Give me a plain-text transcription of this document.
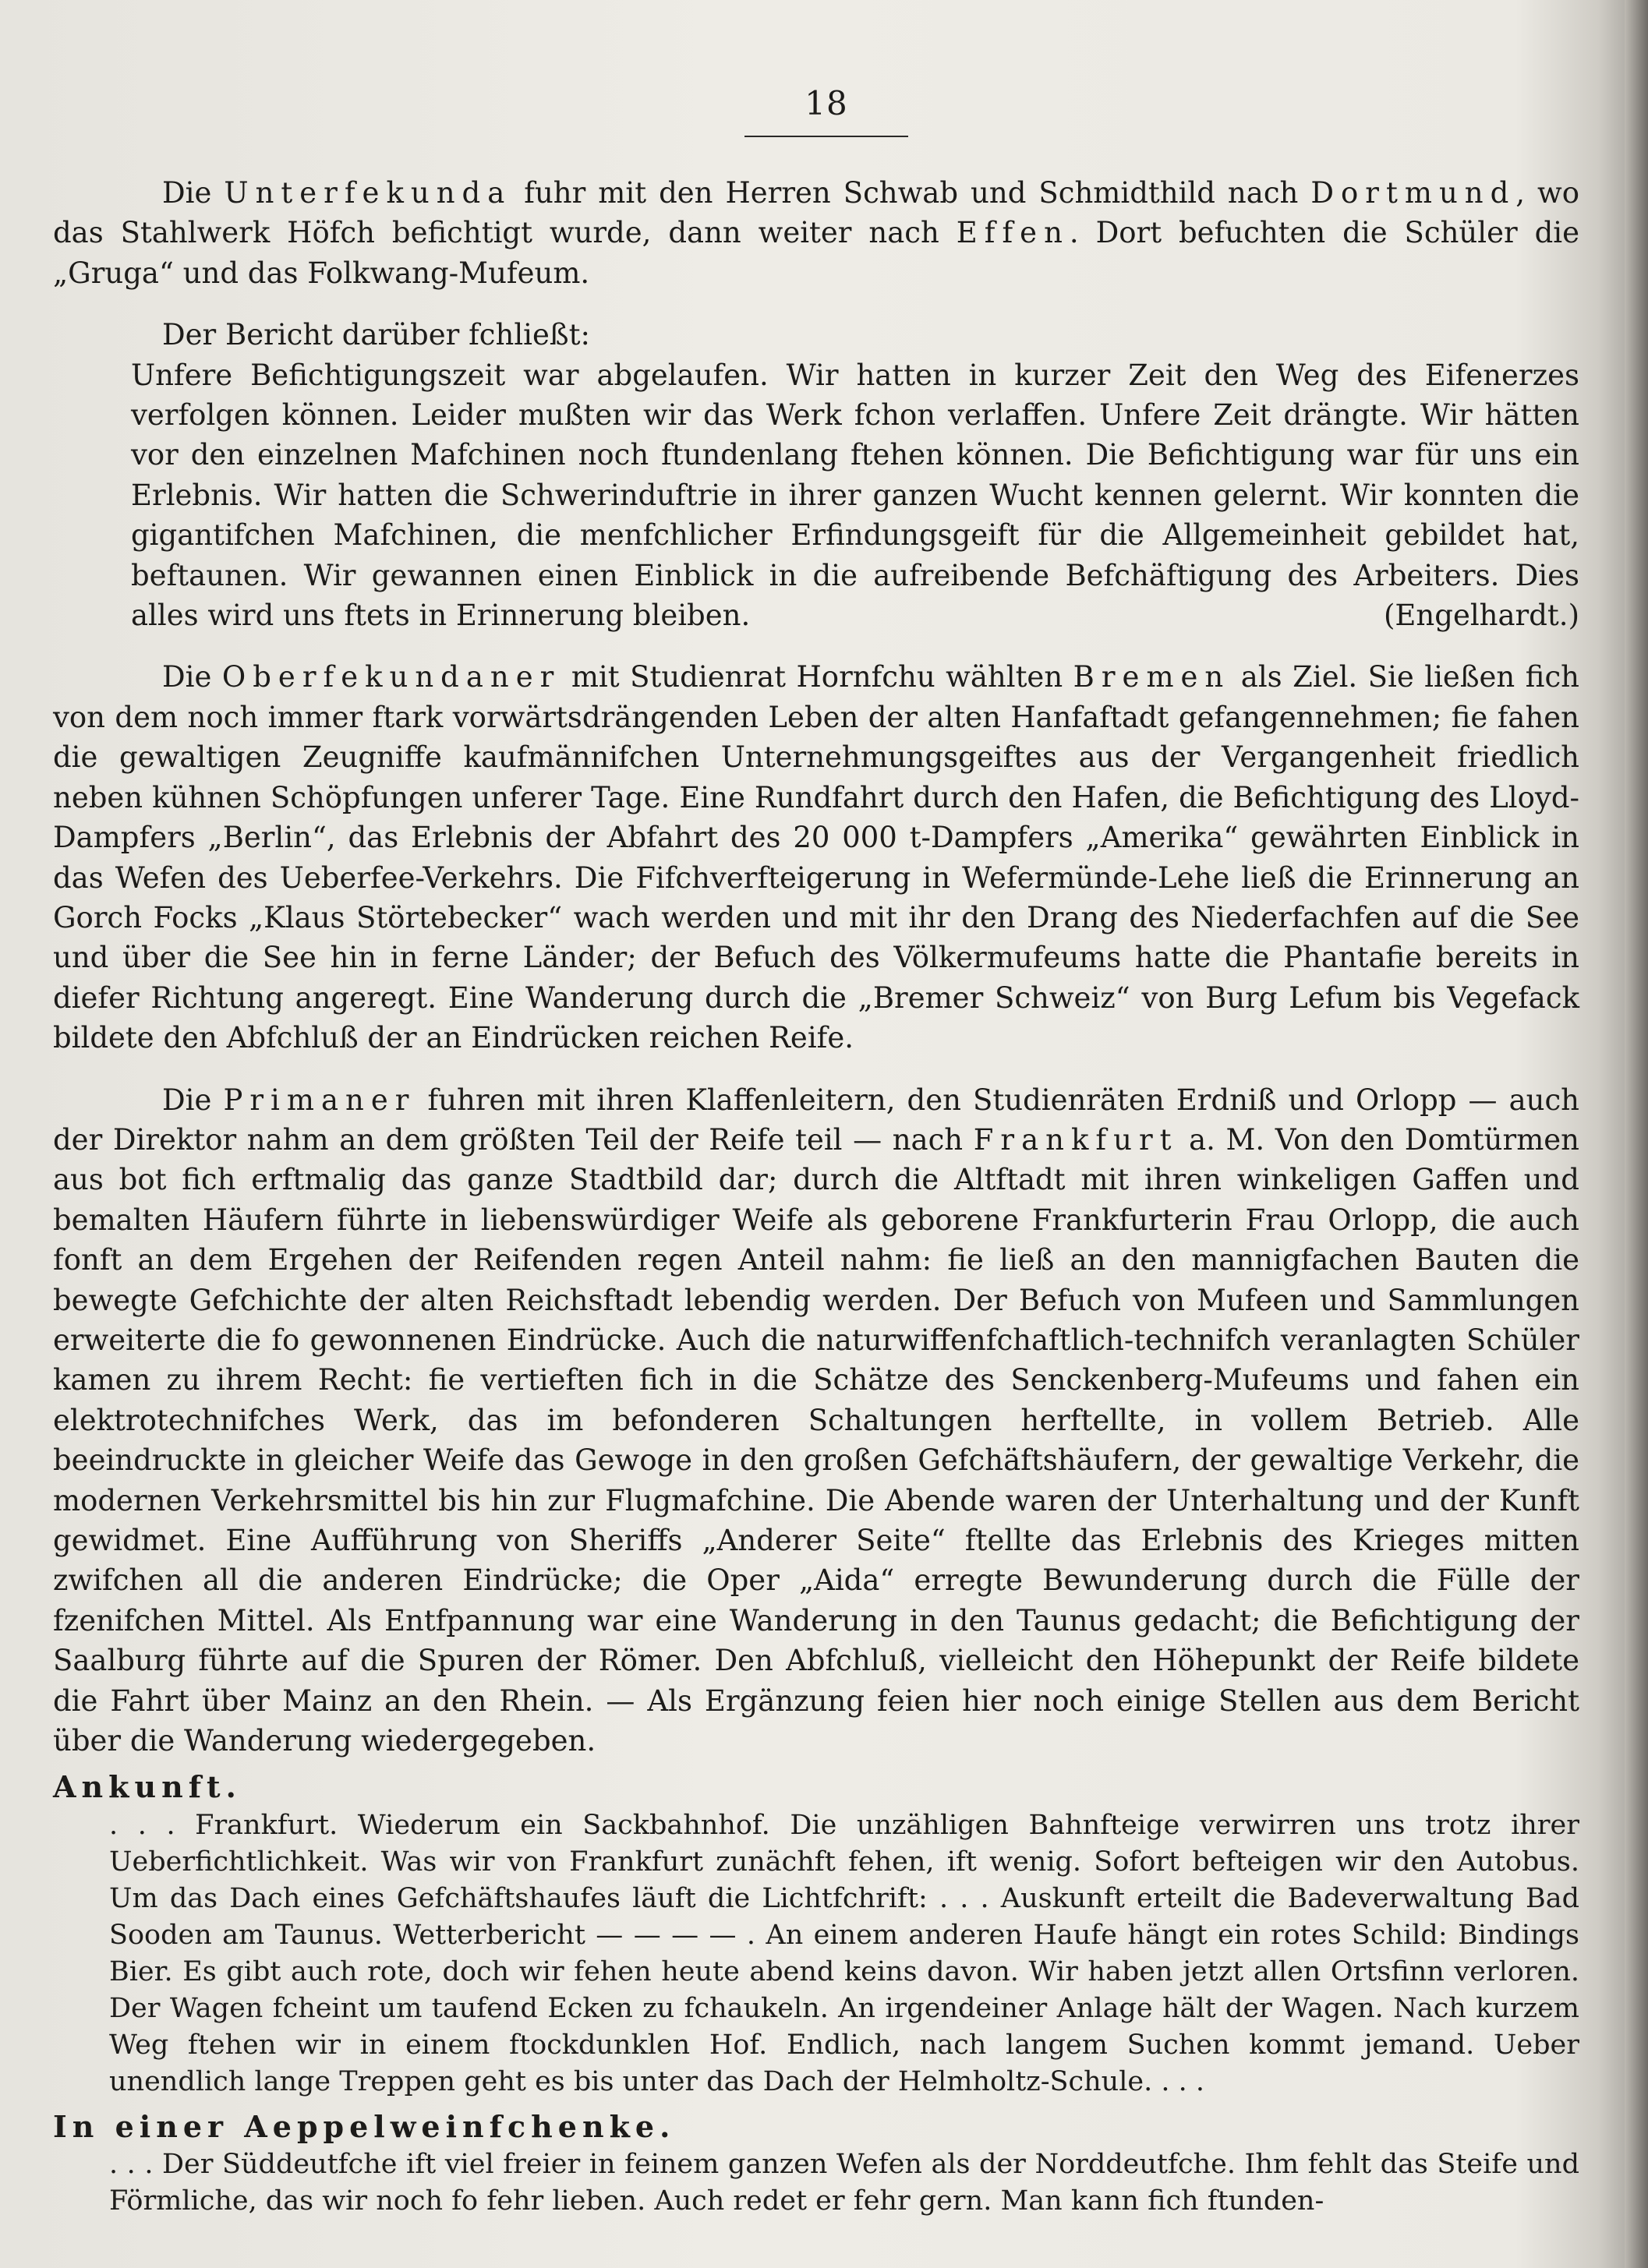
18

Die Unterfekunda fuhr mit den Herren Schwab und Schmidthild nach Dortmund, wo das Stahlwerk Höfch befichtigt wurde, dann weiter nach Effen. Dort befuchten die Schüler die „Gruga“ und das Folkwang-Mufeum.

Der Bericht darüber fchließt:

Unfere Befichtigungszeit war abgelaufen. Wir hatten in kurzer Zeit den Weg des Eifenerzes verfolgen können. Leider mußten wir das Werk fchon verlaffen. Unfere Zeit drängte. Wir hätten vor den einzelnen Mafchinen noch ftundenlang ftehen können. Die Befichtigung war für uns ein Erlebnis. Wir hatten die Schwerinduftrie in ihrer ganzen Wucht kennen gelernt. Wir konnten die gigantifchen Mafchinen, die menfchlicher Erfindungsgeift für die Allgemeinheit gebildet hat, beftaunen. Wir gewannen einen Einblick in die aufreibende Befchäftigung des Arbeiters. Dies alles wird uns ftets in Erinnerung bleiben.	(Engelhardt.)

Die Oberfekundaner mit Studienrat Hornfchu wählten Bremen als Ziel. Sie ließen fich von dem noch immer ftark vorwärtsdrängenden Leben der alten Hanfaftadt gefangennehmen; fie fahen die gewaltigen Zeugniffe kaufmännifchen Unternehmungsgeiftes aus der Vergangenheit friedlich neben kühnen Schöpfungen unferer Tage. Eine Rundfahrt durch den Hafen, die Befichtigung des Lloyd-Dampfers „Berlin“, das Erlebnis der Abfahrt des 20 000 t-Dampfers „Amerika“ gewährten Einblick in das Wefen des Ueberfee-Verkehrs. Die Fifchverfteigerung in Wefermünde-Lehe ließ die Erinnerung an Gorch Focks „Klaus Störtebecker“ wach werden und mit ihr den Drang des Niederfachfen auf die See und über die See hin in ferne Länder; der Befuch des Völkermufeums hatte die Phantafie bereits in diefer Richtung angeregt. Eine Wanderung durch die „Bremer Schweiz“ von Burg Lefum bis Vegefack bildete den Abfchluß der an Eindrücken reichen Reife.

Die Primaner fuhren mit ihren Klaffenleitern, den Studienräten Erdniß und Orlopp — auch der Direktor nahm an dem größten Teil der Reife teil — nach Frankfurt a. M. Von den Domtürmen aus bot fich erftmalig das ganze Stadtbild dar; durch die Altftadt mit ihren winkeligen Gaffen und bemalten Häufern führte in liebenswürdiger Weife als geborene Frankfurterin Frau Orlopp, die auch fonft an dem Ergehen der Reifenden regen Anteil nahm: fie ließ an den mannigfachen Bauten die bewegte Gefchichte der alten Reichsftadt lebendig werden. Der Befuch von Mufeen und Sammlungen erweiterte die fo gewonnenen Eindrücke. Auch die naturwiffenfchaftlich-technifch veranlagten Schüler kamen zu ihrem Recht: fie vertieften fich in die Schätze des Senckenberg-Mufeums und fahen ein elektrotechnifches Werk, das im befonderen Schaltungen herftellte, in vollem Betrieb. Alle beeindruckte in gleicher Weife das Gewoge in den großen Gefchäftshäufern, der gewaltige Verkehr, die modernen Verkehrsmittel bis hin zur Flugmafchine. Die Abende waren der Unterhaltung und der Kunft gewidmet. Eine Aufführung von Sheriffs „Anderer Seite“ ftellte das Erlebnis des Krieges mitten zwifchen all die anderen Eindrücke; die Oper „Aida“ erregte Bewunderung durch die Fülle der fzenifchen Mittel. Als Entfpannung war eine Wanderung in den Taunus gedacht; die Befichtigung der Saalburg führte auf die Spuren der Römer. Den Abfchluß, vielleicht den Höhepunkt der Reife bildete die Fahrt über Mainz an den Rhein. — Als Ergänzung feien hier noch einige Stellen aus dem Bericht über die Wanderung wiedergegeben.

Ankunft.

. . . Frankfurt. Wiederum ein Sackbahnhof. Die unzähligen Bahnfteige verwirren uns trotz ihrer Ueberfichtlichkeit. Was wir von Frankfurt zunächft fehen, ift wenig. Sofort befteigen wir den Autobus. Um das Dach eines Gefchäftshaufes läuft die Lichtfchrift: . . . Auskunft erteilt die Badeverwaltung Bad Sooden am Taunus. Wetterbericht — — — — . An einem anderen Haufe hängt ein rotes Schild: Bindings Bier. Es gibt auch rote, doch wir fehen heute abend keins davon. Wir haben jetzt allen Ortsfinn verloren. Der Wagen fcheint um taufend Ecken zu fchaukeln. An irgendeiner Anlage hält der Wagen. Nach kurzem Weg ftehen wir in einem ftockdunklen Hof. Endlich, nach langem Suchen kommt jemand. Ueber unendlich lange Treppen geht es bis unter das Dach der Helmholtz-Schule. . . .

In einer Aeppelweinfchenke.

. . . Der Süddeutfche ift viel freier in feinem ganzen Wefen als der Norddeutfche. Ihm fehlt das Steife und Förmliche, das wir noch fo fehr lieben. Auch redet er fehr gern. Man kann fich ftunden-
